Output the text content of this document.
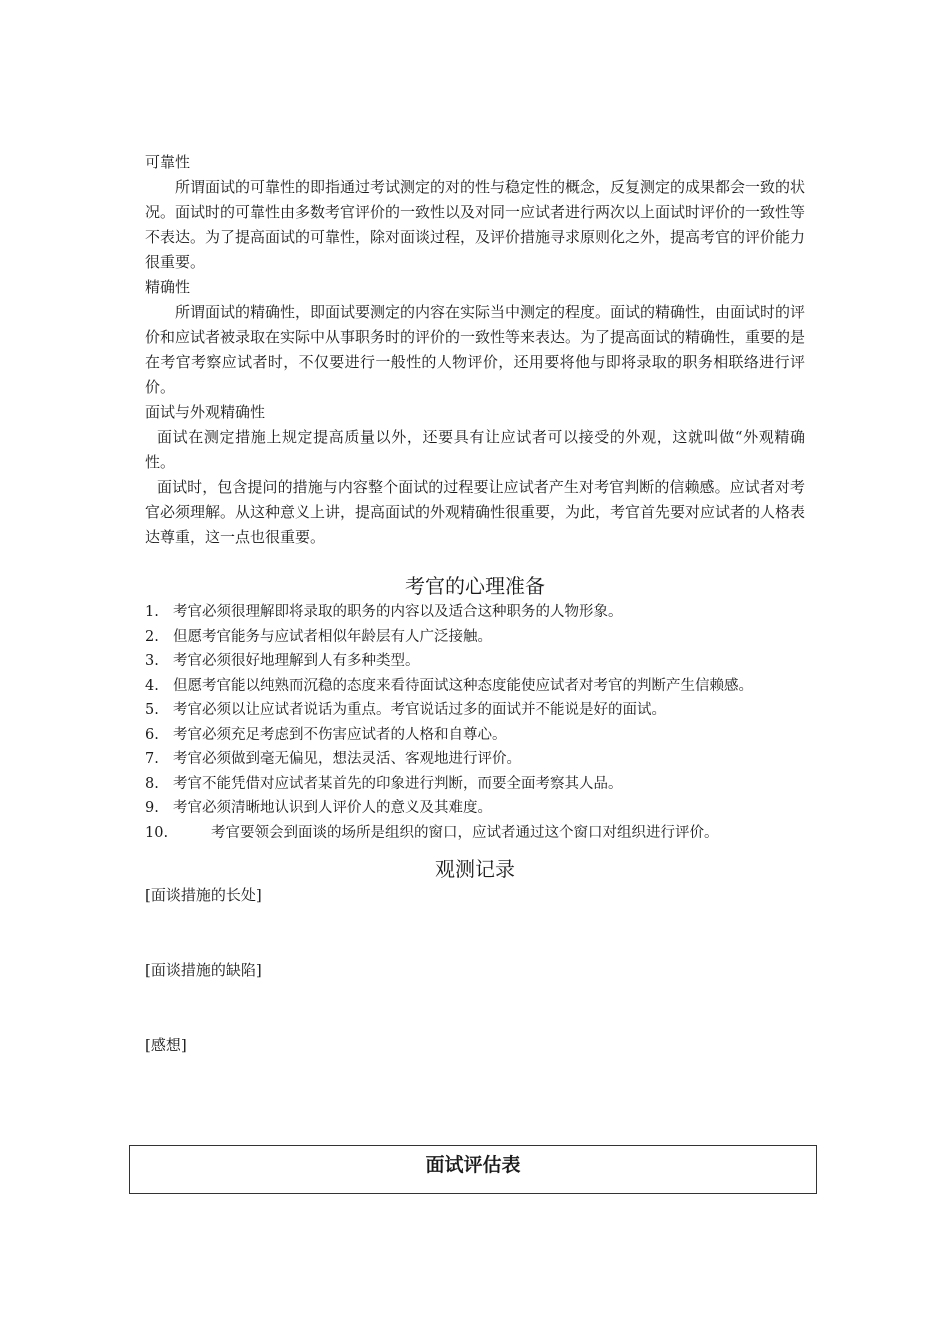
可靠性

所谓面试的可靠性的即指通过考试测定的对的性与稳定性的概念，反复测定的成果都会一致的状况。面试时的可靠性由多数考官评价的一致性以及对同一应试者进行两次以上面试时评价的一致性等不表达。为了提高面试的可靠性，除对面谈过程，及评价措施寻求原则化之外，提高考官的评价能力很重要。

精确性

所谓面试的精确性，即面试要测定的内容在实际当中测定的程度。面试的精确性，由面试时的评价和应试者被录取在实际中从事职务时的评价的一致性等来表达。为了提高面试的精确性，重要的是在考官考察应试者时，不仅要进行一般性的人物评价，还用要将他与即将录取的职务相联络进行评价。

面试与外观精确性

面试在测定措施上规定提高质量以外，还要具有让应试者可以接受的外观，这就叫做“外观精确性。

面试时，包含提问的措施与内容整个面试的过程要让应试者产生对考官判断的信赖感。应试者对考官必须理解。从这种意义上讲，提高面试的外观精确性很重要，为此，考官首先要对应试者的人格表达尊重，这一点也很重要。

考官的心理准备

1. 考官必须很理解即将录取的职务的内容以及适合这种职务的人物形象。
2. 但愿考官能务与应试者相似年龄层有人广泛接触。
3. 考官必须很好地理解到人有多种类型。
4. 但愿考官能以纯熟而沉稳的态度来看待面试这种态度能使应试者对考官的判断产生信赖感。
5. 考官必须以让应试者说话为重点。考官说话过多的面试并不能说是好的面试。
6. 考官必须充足考虑到不伤害应试者的人格和自尊心。
7. 考官必须做到毫无偏见，想法灵活、客观地进行评价。
8. 考官不能凭借对应试者某首先的印象进行判断，而要全面考察其人品。
9. 考官必须清晰地认识到人评价人的意义及其难度。
10.	考官要领会到面谈的场所是组织的窗口，应试者通过这个窗口对组织进行评价。

观测记录

[面谈措施的长处]

[面谈措施的缺陷]

[感想]

面试评估表
